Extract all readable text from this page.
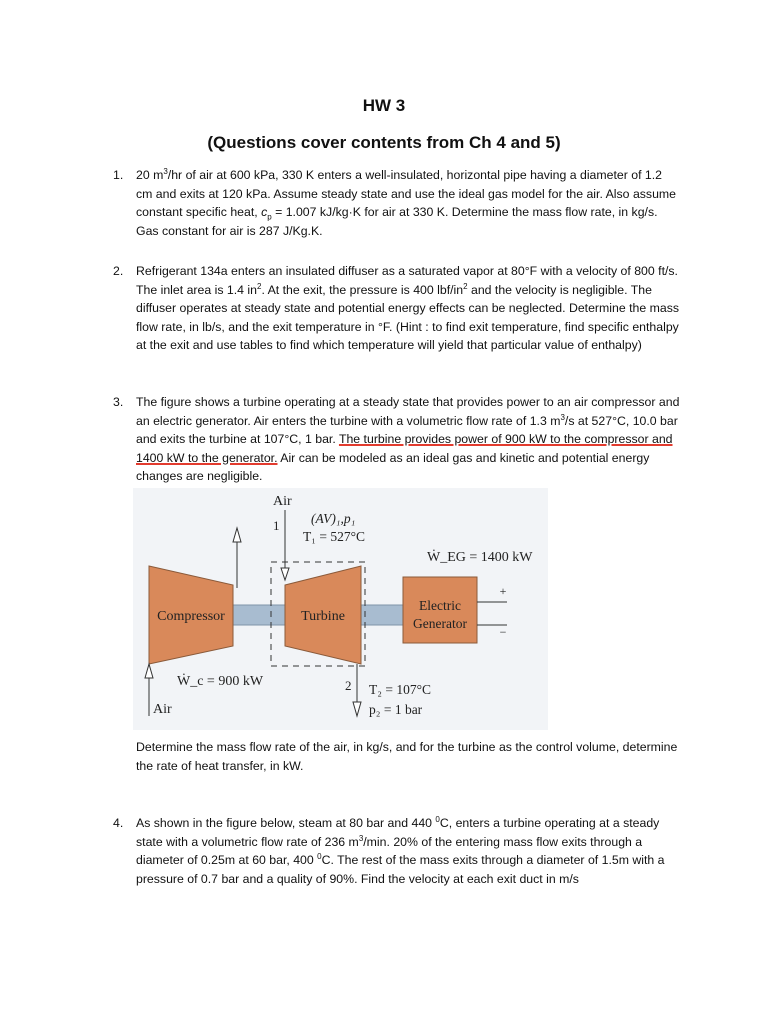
HW 3
(Questions cover contents from Ch 4 and 5)
1. 20 $m^3/hr$ of air at 600 kPa, 330 K enters a well-insulated, horizontal pipe having a diameter of 1.2 cm and exits at 120 kPa. Assume steady state and use the ideal gas model for the air. Also assume constant specific heat, $c_p = 1.007$ kJ/kg·K for air at 330 K. Determine the mass flow rate, in kg/s. Gas constant for air is 287 J/Kg.K.
2. Refrigerant 134a enters an insulated diffuser as a saturated vapor at 80°F with a velocity of 800 ft/s. The inlet area is 1.4 $in^2$. At the exit, the pressure is 400 lbf/$in^2$ and the velocity is negligible. The diffuser operates at steady state and potential energy effects can be neglected. Determine the mass flow rate, in lb/s, and the exit temperature in °F. (Hint : to find exit temperature, find specific enthalpy at the exit and use tables to find which temperature will yield that particular value of enthalpy)
3. The figure shows a turbine operating at a steady state that provides power to an air compressor and an electric generator. Air enters the turbine with a volumetric flow rate of 1.3 $m^3/s$ at 527°C, 10.0 bar and exits the turbine at 107°C, 1 bar. The turbine provides power of 900 kW to the compressor and 1400 kW to the generator. Air can be modeled as an ideal gas and kinetic and potential energy changes are negligible.
Compressor	Turbine
Electric
Generator
+
−
Air
1 (AV)₁,p₁
T₁ = 527°C
Ẇ_EG = 1400 kW
Air
Ẇ_c = 900 kW	2 T₂ = 107°C
p₂ = 1 bar
Determine the mass flow rate of the air, in kg/s, and for the turbine as the control volume, determine the rate of heat transfer, in kW.
4. As shown in the figure below, steam at 80 bar and 440 $^0$C, enters a turbine operating at a steady state with a volumetric flow rate of 236 $m^3/\min$. 20% of the entering mass flow exits through a diameter of 0.25m at 60 bar, 400 $^0$C. The rest of the mass exits through a diameter of 1.5m with a pressure of 0.7 bar and a quality of 90%. Find the velocity at each exit duct in m/s
